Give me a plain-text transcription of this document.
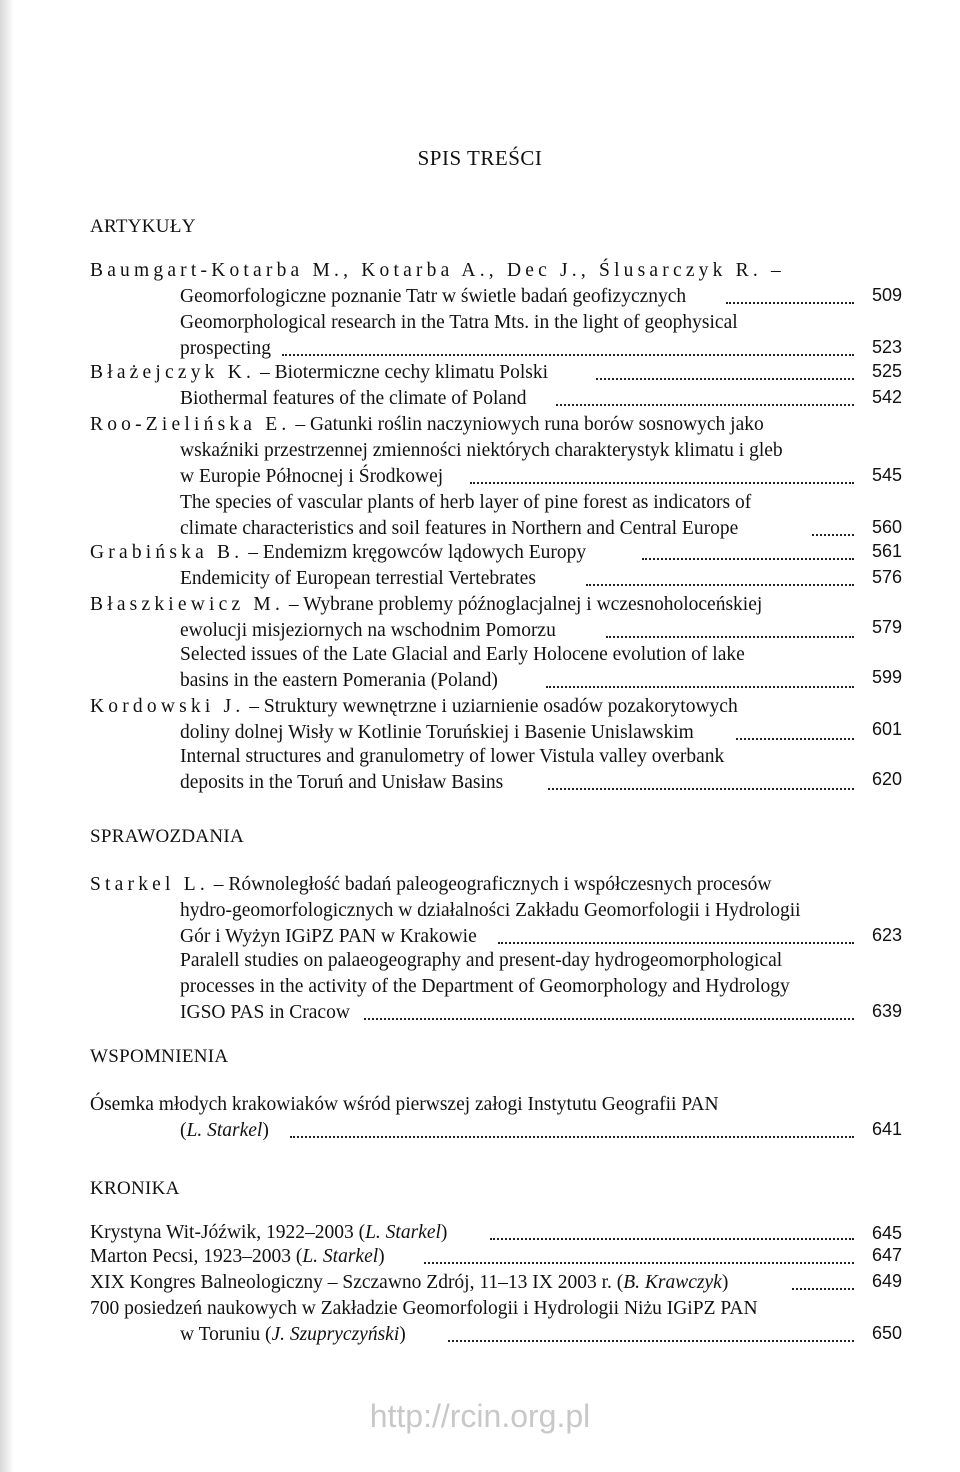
SPIS TREŚCI
ARTYKUŁY
Baumgart-Kotarba M., Kotarba A., Dec J., Ślusarczyk R. –
Geomorfologiczne poznanie Tatr w świetle badań geofizycznych	509
Geomorphological research in the Tatra Mts. in the light of geophysical
prospecting	523
Błażejczyk K. – Biotermiczne cechy klimatu Polski	525
Biothermal features of the climate of Poland	542
Roo-Zielińska E. – Gatunki roślin naczyniowych runa borów sosnowych jako
wskaźniki przestrzennej zmienności niektórych charakterystyk klimatu i gleb
w Europie Północnej i Środkowej	545
The species of vascular plants of herb layer of pine forest as indicators of
climate characteristics and soil features in Northern and Central Europe	560
Grabińska B. – Endemizm kręgowców lądowych Europy	561
Endemicity of European terrestial Vertebrates	576
Błaszkiewicz M. – Wybrane problemy późnoglacjalnej i wczesnoholoceńskiej
ewolucji misjeziornych na wschodnim Pomorzu	579
Selected issues of the Late Glacial and Early Holocene evolution of lake
basins in the eastern Pomerania (Poland)	599
Kordowski J. – Struktury wewnętrzne i uziarnienie osadów pozakorytowych
doliny dolnej Wisły w Kotlinie Toruńskiej i Basenie Unislawskim	601
Internal structures and granulometry of lower Vistula valley overbank
deposits in the Toruń and Unisław Basins	620
SPRAWOZDANIA
Starkel L. – Równoległość badań paleogeograficznych i współczesnych procesów
hydro-geomorfologicznych w działalności Zakładu Geomorfologii i Hydrologii
Gór i Wyżyn IGiPZ PAN w Krakowie	623
Paralell studies on palaeogeography and present-day hydrogeomorphological
processes in the activity of the Department of Geomorphology and Hydrology
IGSO PAS in Cracow	639
WSPOMNIENIA
Ósemka młodych krakowiaków wśród pierwszej załogi Instytutu Geografii PAN
(L. Starkel)	641
KRONIKA
Krystyna Wit-Jóźwik, 1922–2003 (L. Starkel)	645
Marton Pecsi, 1923–2003 (L. Starkel)	647
XIX Kongres Balneologiczny – Szczawno Zdrój, 11–13 IX 2003 r. (B. Krawczyk)	649
700 posiedzeń naukowych w Zakładzie Geomorfologii i Hydrologii Niżu IGiPZ PAN
w Toruniu (J. Szupryczyński)	650
http://rcin.org.pl
